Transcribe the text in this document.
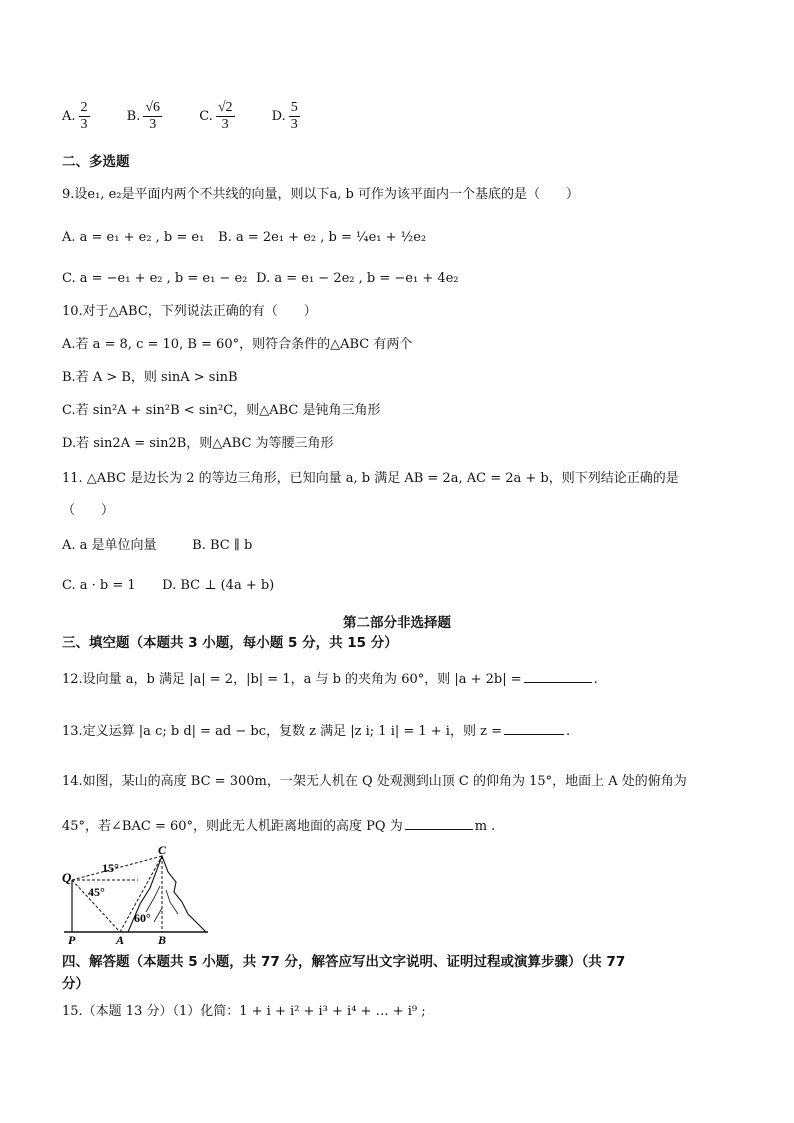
A. $\frac{2}{3}$	B. $\frac{√6}{3}$	C. $\frac{√2}{3}$	D. $\frac{5}{3}$
二、多选题
9.设e₁, e₂是平面内两个不共线的向量，则以下a, b 可作为该平面内一个基底的是（　　）
A. a = e₁ + e₂ , b = e₁ B. a = 2e₁ + e₂ , b = ¼e₁ + ½e₂
C. a = −e₁ + e₂ , b = e₁ − e₂ D. a = e₁ − 2e₂ , b = −e₁ + 4e₂
10.对于△ABC，下列说法正确的有（　　）
A.若 a = 8, c = 10, B = 60°，则符合条件的△ABC 有两个
B.若 A > B，则 sinA > sinB
C.若 sin²A + sin²B < sin²C，则△ABC 是钝角三角形
D.若 sin2A = sin2B，则△ABC 为等腰三角形
11. △ABC 是边长为 2 的等边三角形，已知向量 a, b 满足 AB = 2a, AC = 2a + b，则下列结论正确的是
（　　）
A. a 是单位向量	B. BC ∥ b
C. a · b = 1 D. BC ⊥ (4a + b)
第二部分非选择题
三、填空题（本题共 3 小题，每小题 5 分，共 15 分）
12.设向量 a，b 满足 |a| = 2，|b| = 1，a 与 b 的夹角为 60°，则 |a + 2b| =	.
13.定义运算 |a c; b d| = ad − bc，复数 z 满足 |z i; 1 i| = 1 + i，则 z =	.
14.如图，某山的高度 BC = 300m，一架无人机在 Q 处观测到山顶 C 的仰角为 15°，地面上 A 处的俯角为
45°，若∠BAC = 60°，则此无人机距离地面的高度 PQ 为	m .
Q
C
P	A	B
15°
45°
60°
四、解答题（本题共 5 小题，共 77 分，解答应写出文字说明、证明过程或演算步骤）（共 77
分）
15.（本题 13 分）（1）化简：1 + i + i² + i³ + i⁴ + … + i⁹ ;
